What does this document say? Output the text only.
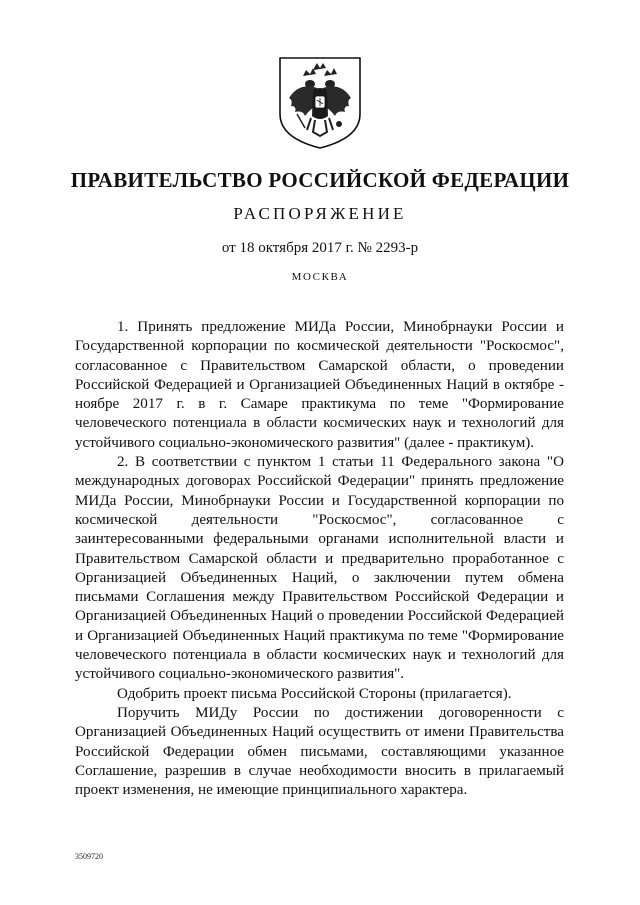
ПРАВИТЕЛЬСТВО РОССИЙСКОЙ ФЕДЕРАЦИИ
РАСПОРЯЖЕНИЕ
от 18 октября 2017 г. № 2293-р
МОСКВА

1. Принять предложение МИДа России, Минобрнауки России и Государственной корпорации по космической деятельности "Роскосмос", согласованное с Правительством Самарской области, о проведении Российской Федерацией и Организацией Объединенных Наций в октябре - ноябре 2017 г. в г. Самаре практикума по теме "Формирование человеческого потенциала в области космических наук и технологий для устойчивого социально-экономического развития" (далее - практикум).

2. В соответствии с пунктом 1 статьи 11 Федерального закона "О международных договорах Российской Федерации" принять предложение МИДа России, Минобрнауки России и Государственной корпорации по космической деятельности "Роскосмос", согласованное с заинтересованными федеральными органами исполнительной власти и Правительством Самарской области и предварительно проработанное с Организацией Объединенных Наций, о заключении путем обмена письмами Соглашения между Правительством Российской Федерации и Организацией Объединенных Наций о проведении Российской Федерацией и Организацией Объединенных Наций практикума по теме "Формирование человеческого потенциала в области космических наук и технологий для устойчивого социально-экономического развития".

Одобрить проект письма Российской Стороны (прилагается).

Поручить МИДу России по достижении договоренности с Организацией Объединенных Наций осуществить от имени Правительства Российской Федерации обмен письмами, составляющими указанное Соглашение, разрешив в случае необходимости вносить в прилагаемый проект изменения, не имеющие принципиального характера.

3509720
